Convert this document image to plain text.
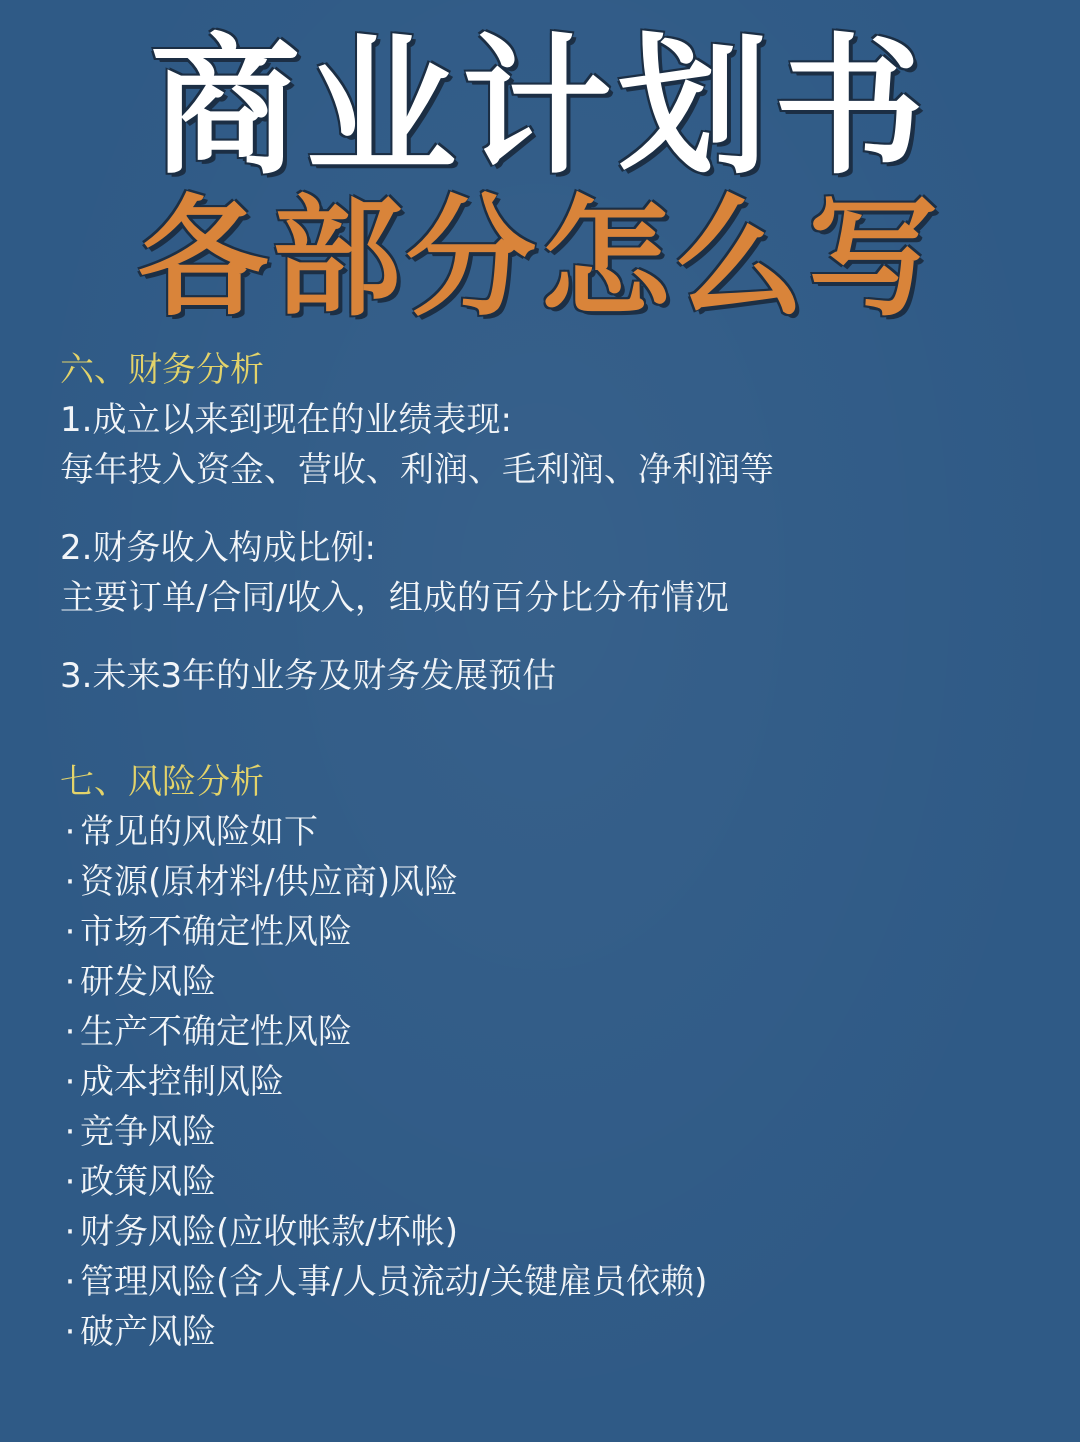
商业计划书
各部分怎么写
六、财务分析
1.成立以来到现在的业绩表现:
每年投入资金、营收、利润、毛利润、净利润等
2.财务收入构成比例:
主要订单/合同/收入，组成的百分比分布情况
3.未来3年的业务及财务发展预估
七、风险分析
· 常见的风险如下
· 资源(原材料/供应商)风险
· 市场不确定性风险
· 研发风险
· 生产不确定性风险
· 成本控制风险
· 竞争风险
· 政策风险
· 财务风险(应收帐款/坏帐)
· 管理风险(含人事/人员流动/关键雇员依赖)
· 破产风险
